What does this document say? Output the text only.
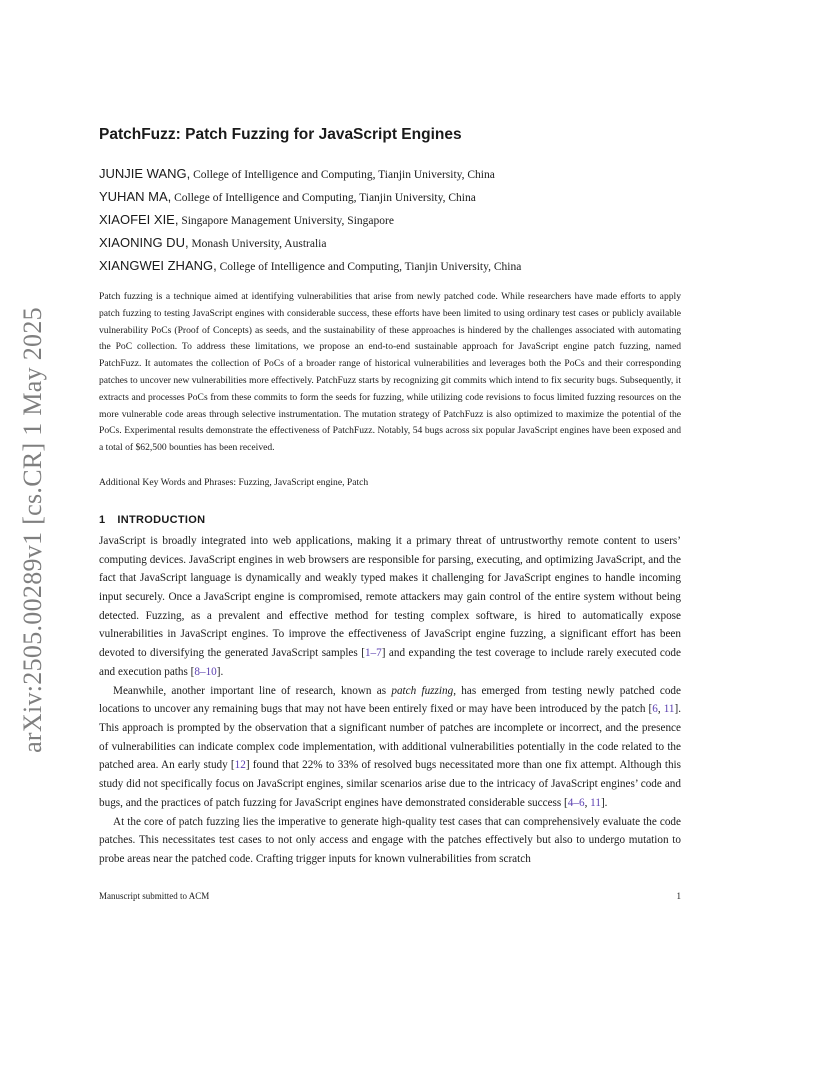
arXiv:2505.00289v1 [cs.CR] 1 May 2025
PatchFuzz: Patch Fuzzing for JavaScript Engines

JUNJIE WANG, College of Intelligence and Computing, Tianjin University, China

YUHAN MA, College of Intelligence and Computing, Tianjin University, China

XIAOFEI XIE, Singapore Management University, Singapore

XIAONING DU, Monash University, Australia

XIANGWEI ZHANG, College of Intelligence and Computing, Tianjin University, China

Patch fuzzing is a technique aimed at identifying vulnerabilities that arise from newly patched code. While researchers have made efforts to apply patch fuzzing to testing JavaScript engines with considerable success, these efforts have been limited to using ordinary test cases or publicly available vulnerability PoCs (Proof of Concepts) as seeds, and the sustainability of these approaches is hindered by the challenges associated with automating the PoC collection. To address these limitations, we propose an end-to-end sustainable approach for JavaScript engine patch fuzzing, named PatchFuzz. It automates the collection of PoCs of a broader range of historical vulnerabilities and leverages both the PoCs and their corresponding patches to uncover new vulnerabilities more effectively. PatchFuzz starts by recognizing git commits which intend to fix security bugs. Subsequently, it extracts and processes PoCs from these commits to form the seeds for fuzzing, while utilizing code revisions to focus limited fuzzing resources on the more vulnerable code areas through selective instrumentation. The mutation strategy of PatchFuzz is also optimized to maximize the potential of the PoCs. Experimental results demonstrate the effectiveness of PatchFuzz. Notably, 54 bugs across six popular JavaScript engines have been exposed and a total of $62,500 bounties has been received.

Additional Key Words and Phrases: Fuzzing, JavaScript engine, Patch

1 INTRODUCTION

JavaScript is broadly integrated into web applications, making it a primary threat of untrustworthy remote content to users’ computing devices. JavaScript engines in web browsers are responsible for parsing, executing, and optimizing JavaScript, and the fact that JavaScript language is dynamically and weakly typed makes it challenging for JavaScript engines to handle incoming input securely. Once a JavaScript engine is compromised, remote attackers may gain control of the entire system without being detected. Fuzzing, as a prevalent and effective method for testing complex software, is hired to automatically expose vulnerabilities in JavaScript engines. To improve the effectiveness of JavaScript engine fuzzing, a significant effort has been devoted to diversifying the generated JavaScript samples [1–7] and expanding the test coverage to include rarely executed code and execution paths [8–10].

Meanwhile, another important line of research, known as patch fuzzing, has emerged from testing newly patched code locations to uncover any remaining bugs that may not have been entirely fixed or may have been introduced by the patch [6, 11]. This approach is prompted by the observation that a significant number of patches are incomplete or incorrect, and the presence of vulnerabilities can indicate complex code implementation, with additional vulnerabilities potentially in the code related to the patched area. An early study [12] found that 22% to 33% of resolved bugs necessitated more than one fix attempt. Although this study did not specifically focus on JavaScript engines, similar scenarios arise due to the intricacy of JavaScript engines’ code and bugs, and the practices of patch fuzzing for JavaScript engines have demonstrated considerable success [4–6, 11].

At the core of patch fuzzing lies the imperative to generate high-quality test cases that can comprehensively evaluate the code patches. This necessitates test cases to not only access and engage with the patches effectively but also to undergo mutation to probe areas near the patched code. Crafting trigger inputs for known vulnerabilities from scratch

Manuscript submitted to ACM	1
